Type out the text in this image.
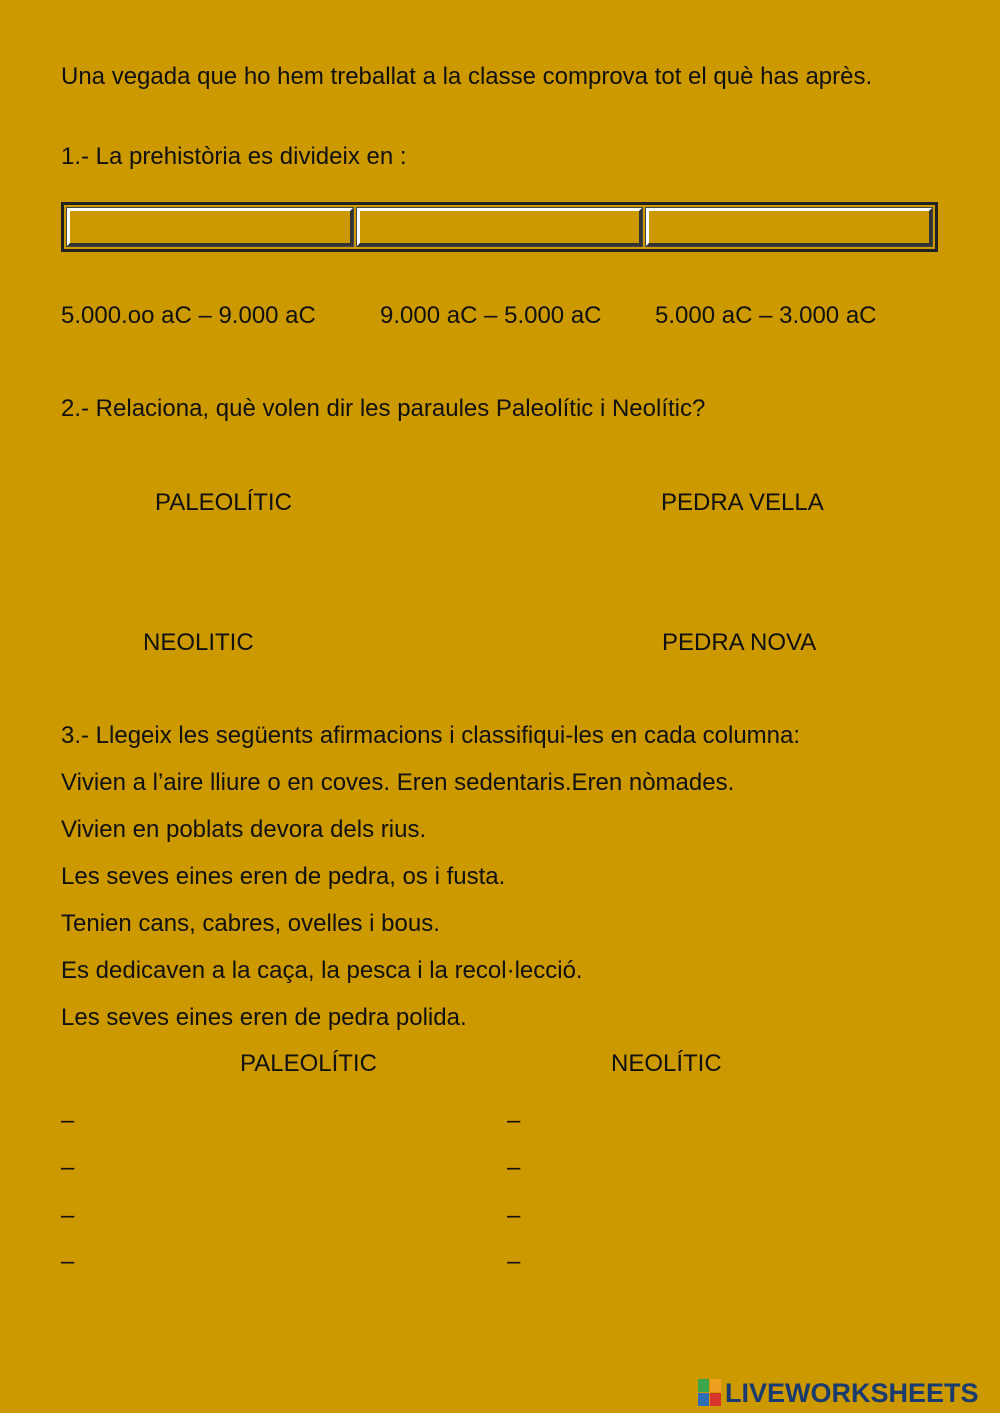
Una vegada que ho hem treballat a la classe comprova tot el què has après.
1.- La prehistòria es divideix en :
5.000.oo aC – 9.000 aC	9.000 aC – 5.000 aC 5.000 aC – 3.000 aC
2.- Relaciona, què volen dir les paraules Paleolític i Neolític?
PALEOLÍTIC	PEDRA VELLA
NEOLITIC	PEDRA NOVA
3.- Llegeix les següents afirmacions i classifiqui-les en cada columna:
Vivien a l’aire lliure o en coves. Eren sedentaris.Eren nòmades.
Vivien en poblats devora dels rius.
Les seves eines eren de pedra, os i fusta.
Tenien cans, cabres, ovelles i bous.
Es dedicaven a la caça, la pesca i la recol·lecció.
Les seves eines eren de pedra polida.
PALEOLÍTIC	NEOLÍTIC
–
–
–
–
–
–
–
–
LIVEWORKSHEETS
